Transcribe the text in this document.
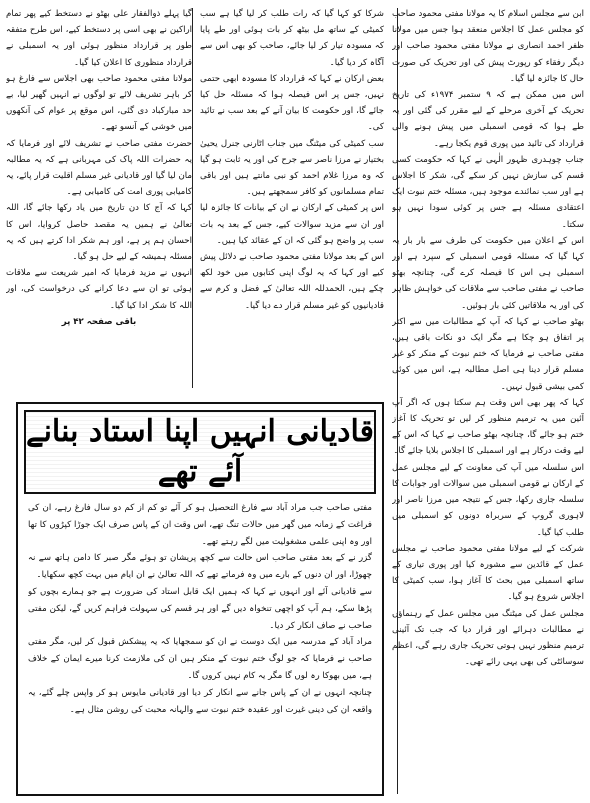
ابن سے مجلس اسلام کا یہ مولانا مفتی محمود صاحب کو مجلس عمل کا اجلاس منعقد ہوا جس میں مولانا ظفر احمد انصاری نے مولانا مفتی محمود صاحب اور دیگر رفقاء کو رپورٹ پیش کی اور تحریک کی صورت حال کا جائزہ لیا گیا۔

اس میں ممکن ہے کہ ۹ ستمبر ۱۹۷۴ء کی تاریخ تحریک کے آخری مرحلے کے لیے مقرر کی گئی اور یہ طے ہوا کہ قومی اسمبلی میں پیش ہونے والی قرارداد کی تائید میں پوری قوم یکجا رہے۔

جناب چوہدری ظہور الٰہی نے کہا کہ حکومت کسی قسم کی سازش نہیں کر سکے گی، شکر کا اجلاس ہے اور سب نمائندے موجود ہیں، مسئلہ ختم نبوت ایک اعتقادی مسئلہ ہے جس پر کوئی سودا نہیں ہو سکتا۔

اس کے اعلان میں حکومت کی طرف سے بار بار یہ کہا گیا کہ مسئلہ قومی اسمبلی کے سپرد ہے اور اسمبلی ہی اس کا فیصلہ کرے گی، چنانچہ بھٹو صاحب نے مفتی صاحب سے ملاقات کی خواہش ظاہر کی اور یہ ملاقاتیں کئی بار ہوئیں۔

بھٹو صاحب نے کہا کہ آپ کے مطالبات میں سے اکثر پر اتفاق ہو چکا ہے مگر ایک دو نکات باقی ہیں، مفتی صاحب نے فرمایا کہ ختم نبوت کے منکر کو غیر مسلم قرار دینا ہی اصل مطالبہ ہے، اس میں کوئی کمی بیشی قبول نہیں۔

کہا کہ پھر بھی اس وقت ہم سکتا ہوں کہ اگر آپ آئین میں یہ ترمیم منظور کر لیں تو تحریک کا آغاز ختم ہو جائے گا، چنانچہ بھٹو صاحب نے کہا کہ اس کے لیے وقت درکار ہے اور اسمبلی کا اجلاس بلایا جائے گا۔

اس سلسلہ میں آپ کی معاونت کے لیے مجلس عمل کے ارکان نے قومی اسمبلی میں سوالات اور جوابات کا سلسلہ جاری رکھا، جس کے نتیجہ میں مرزا ناصر اور لاہوری گروپ کے سربراہ دونوں کو اسمبلی میں طلب کیا گیا۔

شرکت کے لیے مولانا مفتی محمود صاحب نے مجلس عمل کے قائدین سے مشورہ کیا اور پوری تیاری کے ساتھ اسمبلی میں بحث کا آغاز ہوا، سب کمیٹی کا اجلاس شروع ہو گیا۔

مجلس عمل کی میٹنگ میں مجلس عمل کے رہنماؤں نے مطالبات دہرائے اور قرار دیا کہ جب تک آئینی ترمیم منظور نہیں ہوتی تحریک جاری رہے گی، اعظم سوسائٹی کی بھی یہی رائے تھی۔

شرکا کو کہا گیا کہ رات طلب کر لیا گیا ہے سب کمیٹی کے ساتھ مل بیٹھ کر بات ہوئی اور طے پایا کہ مسودہ تیار کر لیا جائے، صاحب کو بھی اس سے آگاہ کر دیا گیا۔

بعض ارکان نے کہا کہ قرارداد کا مسودہ ابھی حتمی نہیں، جس پر اس فیصلہ ہوا کہ مسئلہ حل کیا جائے گا، اور حکومت کا بیان آنے کے بعد سب نے تائید کی۔

سب کمیٹی کی میٹنگ میں جناب اٹارنی جنرل یحییٰ بختیار نے مرزا ناصر سے جرح کی اور یہ ثابت ہو گیا کہ وہ مرزا غلام احمد کو نبی مانتے ہیں اور باقی تمام مسلمانوں کو کافر سمجھتے ہیں۔

اس پر کمیٹی کے ارکان نے ان کے بیانات کا جائزہ لیا اور ان سے مزید سوالات کیے، جس کے بعد یہ بات سب پر واضح ہو گئی کہ ان کے عقائد کیا ہیں۔

اس کے بعد مولانا مفتی محمود صاحب نے دلائل پیش کیے اور کہا کہ یہ لوگ اپنی کتابوں میں خود لکھ چکے ہیں، الحمدللہ اللہ تعالیٰ کے فضل و کرم سے قادیانیوں کو غیر مسلم قرار دے دیا گیا۔

گیا پہلے ذوالفقار علی بھٹو نے دستخط کیے پھر تمام اراکین نے بھی اسی پر دستخط کیے، اس طرح متفقہ طور پر قرارداد منظور ہوئی اور یہ اسمبلی نے قرارداد منظوری کا اعلان کیا گیا۔

مولانا مفتی محمود صاحب بھی اجلاس سے فارغ ہو کر باہر تشریف لائے تو لوگوں نے انہیں گھیر لیا، بے حد مبارکباد دی گئی، اس موقع پر عوام کی آنکھوں میں خوشی کے آنسو تھے۔

حضرت مفتی صاحب نے تشریف لائے اور فرمایا کہ یہ حضرات اللہ پاک کی مہربانی ہے کہ یہ مطالبہ مان لیا گیا اور قادیانی غیر مسلم اقلیت قرار پائے، یہ کامیابی پوری امت کی کامیابی ہے۔

کہا کہ آج کا دن تاریخ میں یاد رکھا جائے گا، اللہ تعالیٰ نے ہمیں یہ مقصد حاصل کروایا، اس کا احسان ہم پر ہے، اور ہم شکر ادا کرتے ہیں کہ یہ مسئلہ ہمیشہ کے لیے حل ہو گیا۔

انہوں نے مزید فرمایا کہ امیر شریعت سے ملاقات ہوئی تو ان سے دعا کرانے کی درخواست کی، اور اللہ کا شکر ادا کیا گیا۔

باقی صفحہ ۴۲ پر

قادیانی انہیں اپنا استاد بنانے آئے تھے

مفتی صاحب جب مراد آباد سے فارغ التحصیل ہو کر آئے تو کم از کم دو سال فارغ رہے، ان کی فراغت کے زمانہ میں گھر میں حالات تنگ تھے، اس وقت ان کے پاس صرف ایک جوڑا کپڑوں کا تھا اور وہ اپنی علمی مشغولیت میں لگے رہتے تھے۔

گزر نے کے بعد مفتی صاحب اس حالت سے کچھ پریشان تو ہوئے مگر صبر کا دامن ہاتھ سے نہ چھوڑا، اور ان دنوں کے بارے میں وہ فرماتے تھے کہ اللہ تعالیٰ نے ان ایام میں بہت کچھ سکھایا۔

سے قادیانی آئے اور انہوں نے کہا کہ ہمیں ایک قابل استاد کی ضرورت ہے جو ہمارے بچوں کو پڑھا سکے، ہم آپ کو اچھی تنخواہ دیں گے اور ہر قسم کی سہولت فراہم کریں گے، لیکن مفتی صاحب نے صاف انکار کر دیا۔

مراد آباد کے مدرسہ میں ایک دوست نے ان کو سمجھایا کہ یہ پیشکش قبول کر لیں، مگر مفتی صاحب نے فرمایا کہ جو لوگ ختم نبوت کے منکر ہیں ان کی ملازمت کرنا میرے ایمان کے خلاف ہے، میں بھوکا رہ لوں گا مگر یہ کام نہیں کروں گا۔

چنانچہ انہوں نے ان کے پاس جانے سے انکار کر دیا اور قادیانی مایوس ہو کر واپس چلے گئے، یہ واقعہ ان کی دینی غیرت اور عقیدہ ختم نبوت سے والہانہ محبت کی روشن مثال ہے۔
